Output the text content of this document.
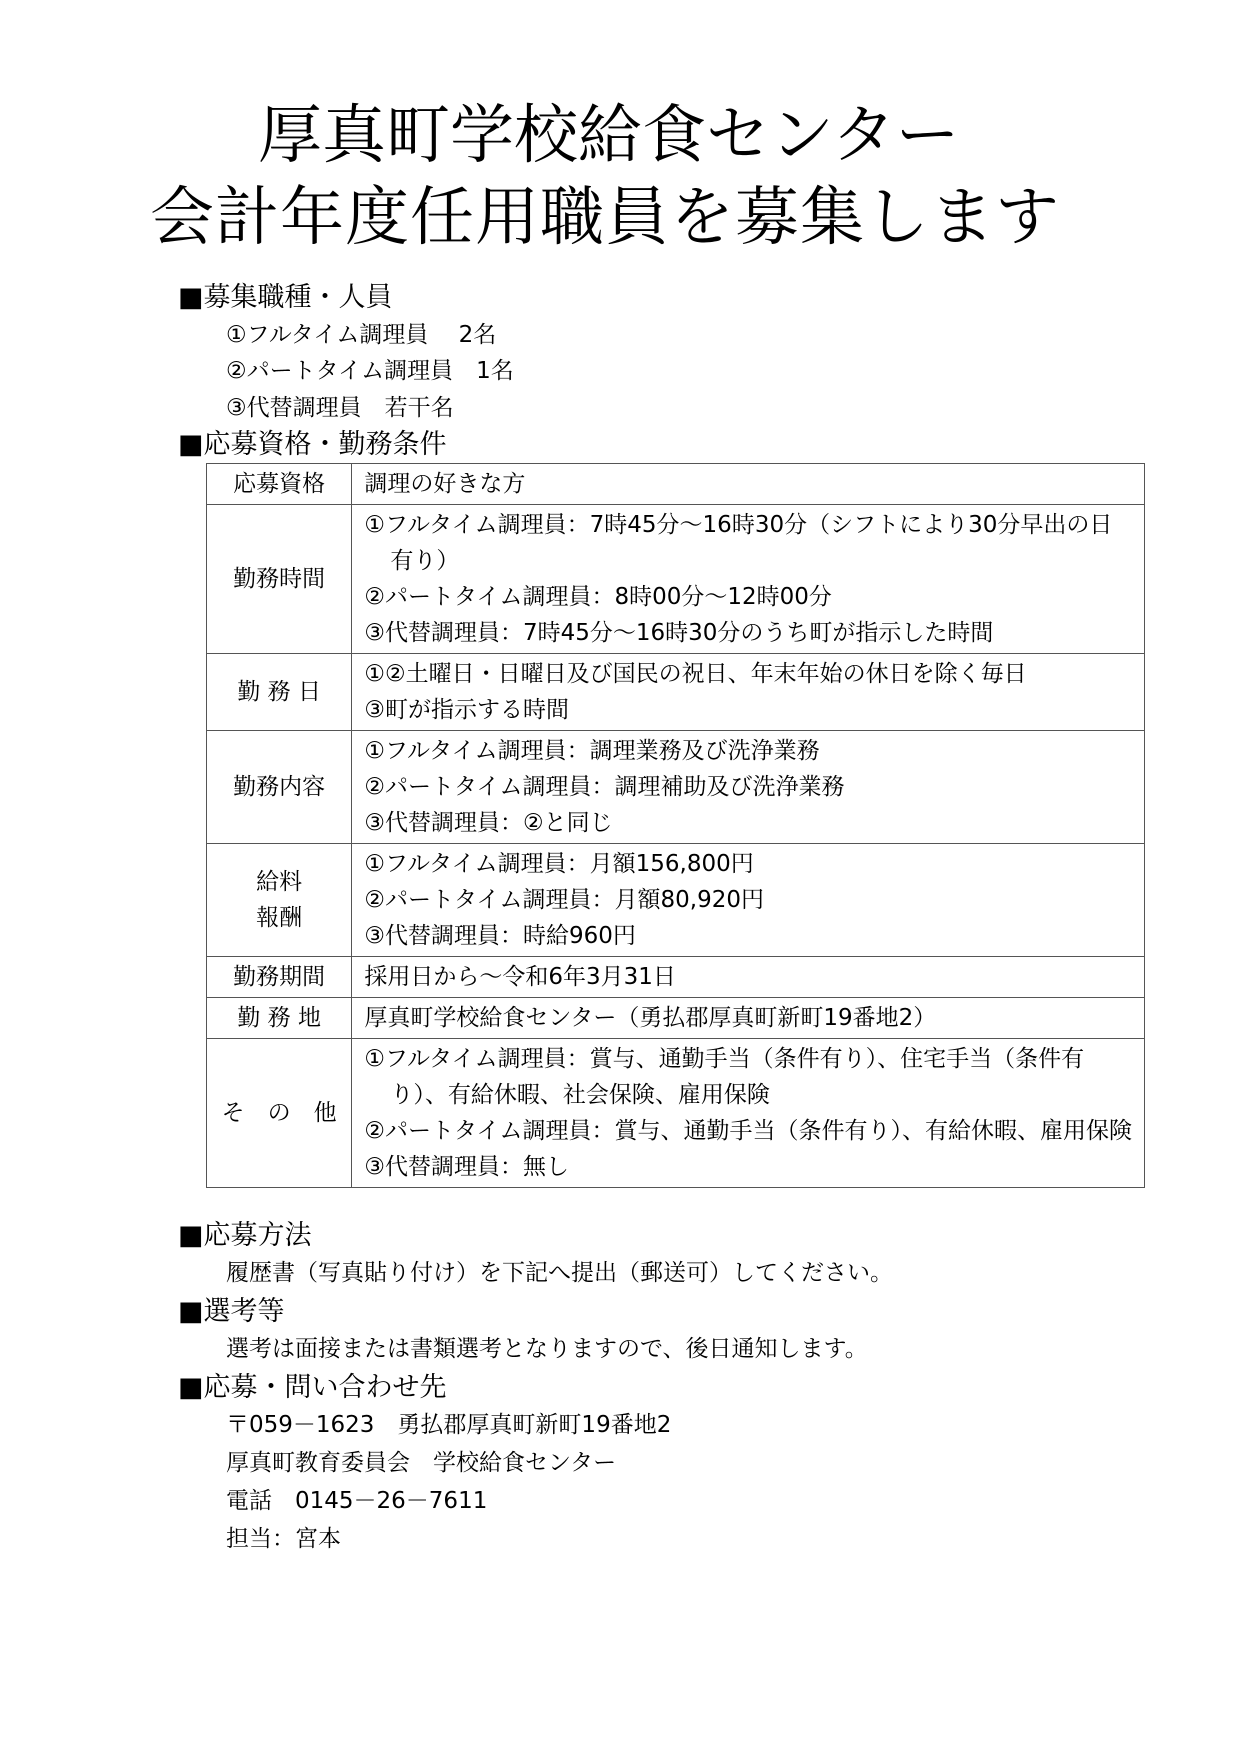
厚真町学校給食センター
会計年度任用職員を募集します
■募集職種・人員
①フルタイム調理員　 2名
②パートタイム調理員　1名
③代替調理員　若干名
■応募資格・勤務条件
応募資格	調理の好きな方

勤務時間	①フルタイム調理員：7時45分～16時30分（シフトにより30分早出の日有り）
②パートタイム調理員：8時00分～12時00分
③代替調理員：7時45分～16時30分のうち町が指示した時間

勤 務 日	①②土曜日・日曜日及び国民の祝日、年末年始の休日を除く毎日
③町が指示する時間

勤務内容	①フルタイム調理員：調理業務及び洗浄業務
②パートタイム調理員：調理補助及び洗浄業務
③代替調理員：②と同じ

給料
報酬	①フルタイム調理員：月額156,800円
②パートタイム調理員：月額80,920円
③代替調理員：時給960円

勤務期間	採用日から～令和6年3月31日

勤 務 地	厚真町学校給食センター（勇払郡厚真町新町19番地2）

そ　の　他	①フルタイム調理員：賞与、通勤手当（条件有り）、住宅手当（条件有り）、有給休暇、社会保険、雇用保険
②パートタイム調理員：賞与、通勤手当（条件有り）、有給休暇、雇用保険
③代替調理員：無し
■応募方法
履歴書（写真貼り付け）を下記へ提出（郵送可）してください。
■選考等
選考は面接または書類選考となりますので、後日通知します。
■応募・問い合わせ先
〒059－1623　勇払郡厚真町新町19番地2
厚真町教育委員会　学校給食センター
電話　0145－26－7611
担当：宮本
